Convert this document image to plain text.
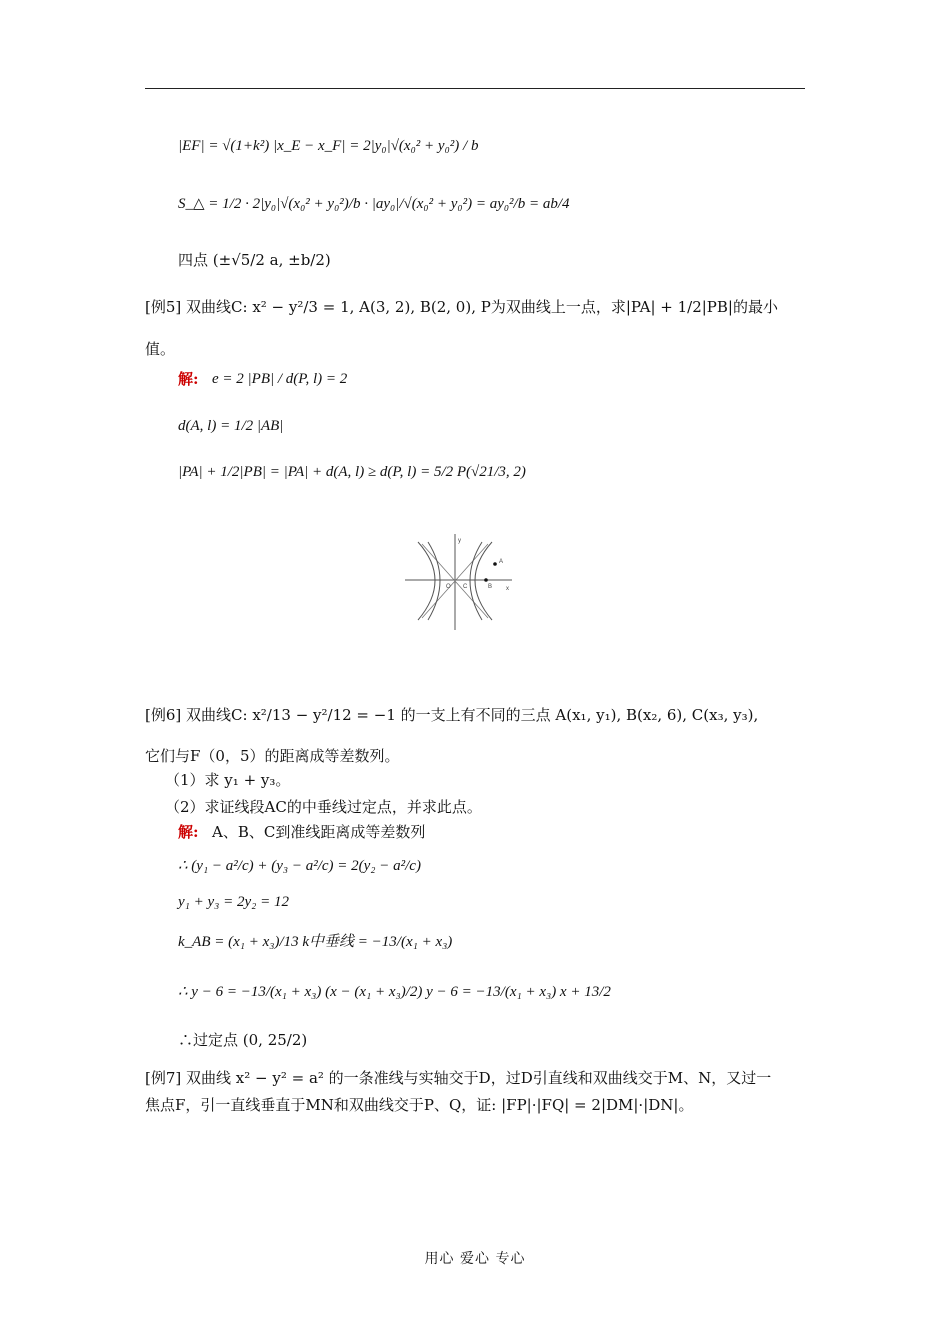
|EF| = √(1+k²) |x_E − x_F| = 2|y₀|√(x₀² + y₀²) / b
S_△ = 1/2 · 2|y₀|√(x₀² + y₀²)/b · |ay₀|/√(x₀² + y₀²) = ay₀²/b = ab/4
四点 (±√5/2 a, ±b/2)
[例5] 双曲线C: x² − y²/3 = 1, A(3, 2), B(2, 0), P为双曲线上一点，求|PA| + 1/2|PB|的最小
值。
解: e = 2 |PB| / d(P, l) = 2
d(A, l) = 1/2 |AB|
|PA| + 1/2|PB| = |PA| + d(A, l) ≥ d(P, l) = 5/2 P(√21/3, 2)
y
x
O C
A
B
[例6] 双曲线C: x²/13 − y²/12 = −1 的一支上有不同的三点 A(x₁, y₁), B(x₂, 6), C(x₃, y₃),
它们与F（0，5）的距离成等差数列。
（1）求 y₁ + y₃。
（2）求证线段AC的中垂线过定点，并求此点。
解: A、B、C到准线距离成等差数列
∴ (y₁ − a²/c) + (y₃ − a²/c) = 2(y₂ − a²/c)
y₁ + y₃ = 2y₂ = 12
k_AB = (x₁ + x₃)/13 k中垂线 = −13/(x₁ + x₃)
∴ y − 6 = −13/(x₁ + x₃) (x − (x₁ + x₃)/2) y − 6 = −13/(x₁ + x₃) x + 13/2
∴过定点 (0, 25/2)
[例7] 双曲线 x² − y² = a² 的一条准线与实轴交于D，过D引直线和双曲线交于M、N，又过一
焦点F，引一直线垂直于MN和双曲线交于P、Q，证: |FP|·|FQ| = 2|DM|·|DN|。
用心 爱心 专心
